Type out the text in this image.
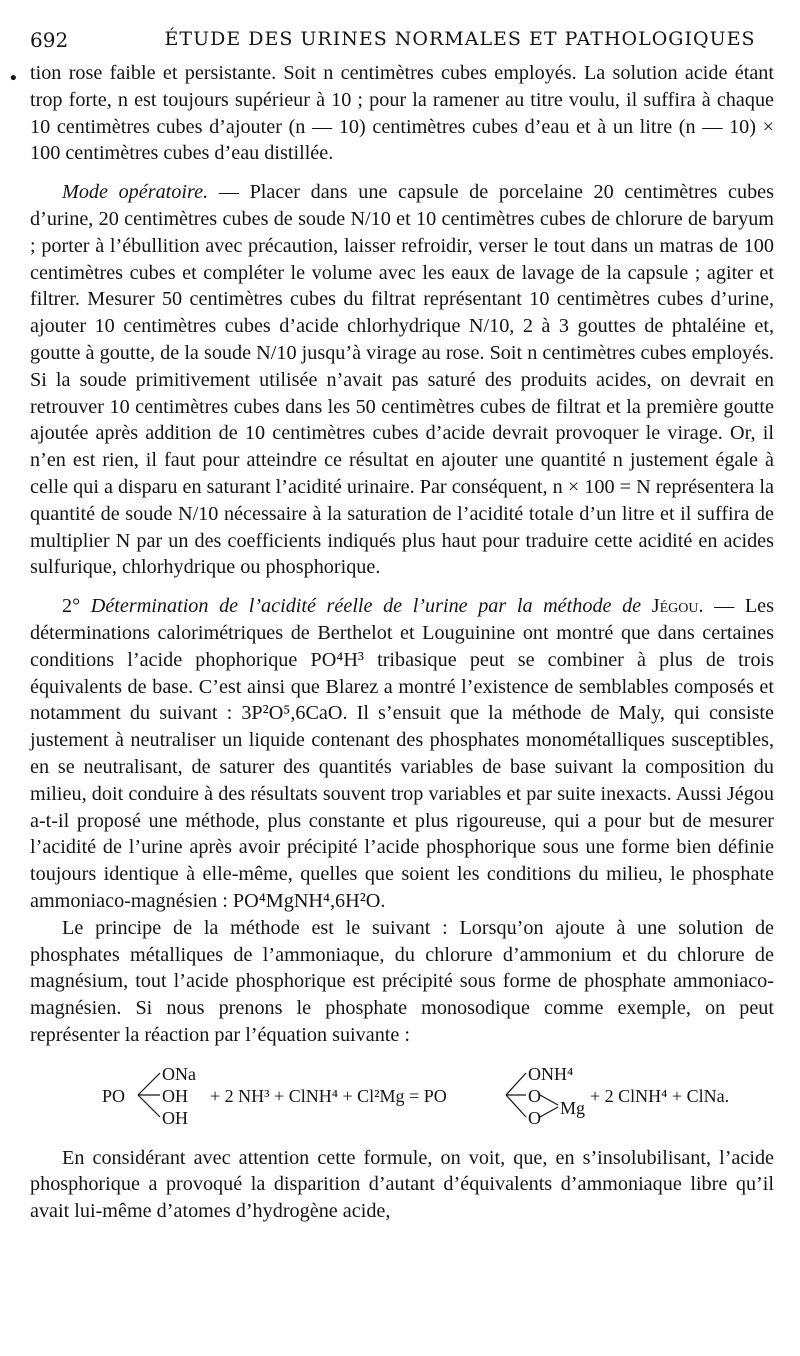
692	ÉTUDE DES URINES NORMALES ET PATHOLOGIQUES
• tion rose faible et persistante. Soit n centimètres cubes employés. La solution acide étant trop forte, n est toujours supérieur à 10 ; pour la ramener au titre voulu, il suffira à chaque 10 centimètres cubes d’ajouter (n — 10) centimètres cubes d’eau et à un litre (n — 10) × 100 centimètres cubes d’eau distillée.

Mode opératoire. — Placer dans une capsule de porcelaine 20 centimètres cubes d’urine, 20 centimètres cubes de soude N/10 et 10 centimètres cubes de chlorure de baryum ; porter à l’ébullition avec précaution, laisser refroidir, verser le tout dans un matras de 100 centimètres cubes et compléter le volume avec les eaux de lavage de la capsule ; agiter et filtrer. Mesurer 50 centimètres cubes du filtrat représentant 10 centimètres cubes d’urine, ajouter 10 centimètres cubes d’acide chlorhydrique N/10, 2 à 3 gouttes de phtaléine et, goutte à goutte, de la soude N/10 jusqu’à virage au rose. Soit n centimètres cubes employés. Si la soude primitivement utilisée n’avait pas saturé des produits acides, on devrait en retrouver 10 centimètres cubes dans les 50 centimètres cubes de filtrat et la première goutte ajoutée après addition de 10 centimètres cubes d’acide devrait provoquer le virage. Or, il n’en est rien, il faut pour atteindre ce résultat en ajouter une quantité n justement égale à celle qui a disparu en saturant l’acidité urinaire. Par conséquent, n × 100 = N représentera la quantité de soude N/10 nécessaire à la saturation de l’acidité totale d’un litre et il suffira de multiplier N par un des coefficients indiqués plus haut pour traduire cette acidité en acides sulfurique, chlorhydrique ou phosphorique.

2° Détermination de l’acidité réelle de l’urine par la méthode de Jégou. — Les déterminations calorimétriques de Berthelot et Louguinine ont montré que dans certaines conditions l’acide phophorique PO⁴H³ tribasique peut se combiner à plus de trois équivalents de base. C’est ainsi que Blarez a montré l’existence de semblables composés et notamment du suivant : 3P²O⁵,6CaO. Il s’ensuit que la méthode de Maly, qui consiste justement à neutraliser un liquide contenant des phosphates monométalliques susceptibles, en se neutralisant, de saturer des quantités variables de base suivant la composition du milieu, doit conduire à des résultats souvent trop variables et par suite inexacts. Aussi Jégou a-t-il proposé une méthode, plus constante et plus rigoureuse, qui a pour but de mesurer l’acidité de l’urine après avoir précipité l’acide phosphorique sous une forme bien définie toujours identique à elle-même, quelles que soient les conditions du milieu, le phosphate ammoniaco-magnésien : PO⁴MgNH⁴,6H²O.

Le principe de la méthode est le suivant : Lorsqu’on ajoute à une solution de phosphates métalliques de l’ammoniaque, du chlorure d’ammonium et du chlorure de magnésium, tout l’acide phosphorique est précipité sous forme de phosphate ammoniaco-magnésien. Si nous prenons le phosphate monosodique comme exemple, on peut représenter la réaction par l’équation suivante :

PO
ONa
OH
OH
+ 2 NH³ + ClNH⁴ + Cl²Mg = PO
ONH⁴
O
O Mg
+ 2 ClNH⁴ + ClNa.

En considérant avec attention cette formule, on voit, que, en s’insolubilisant, l’acide phosphorique a provoqué la disparition d’autant d’équivalents d’ammoniaque libre qu’il avait lui-même d’atomes d’hydrogène acide,
